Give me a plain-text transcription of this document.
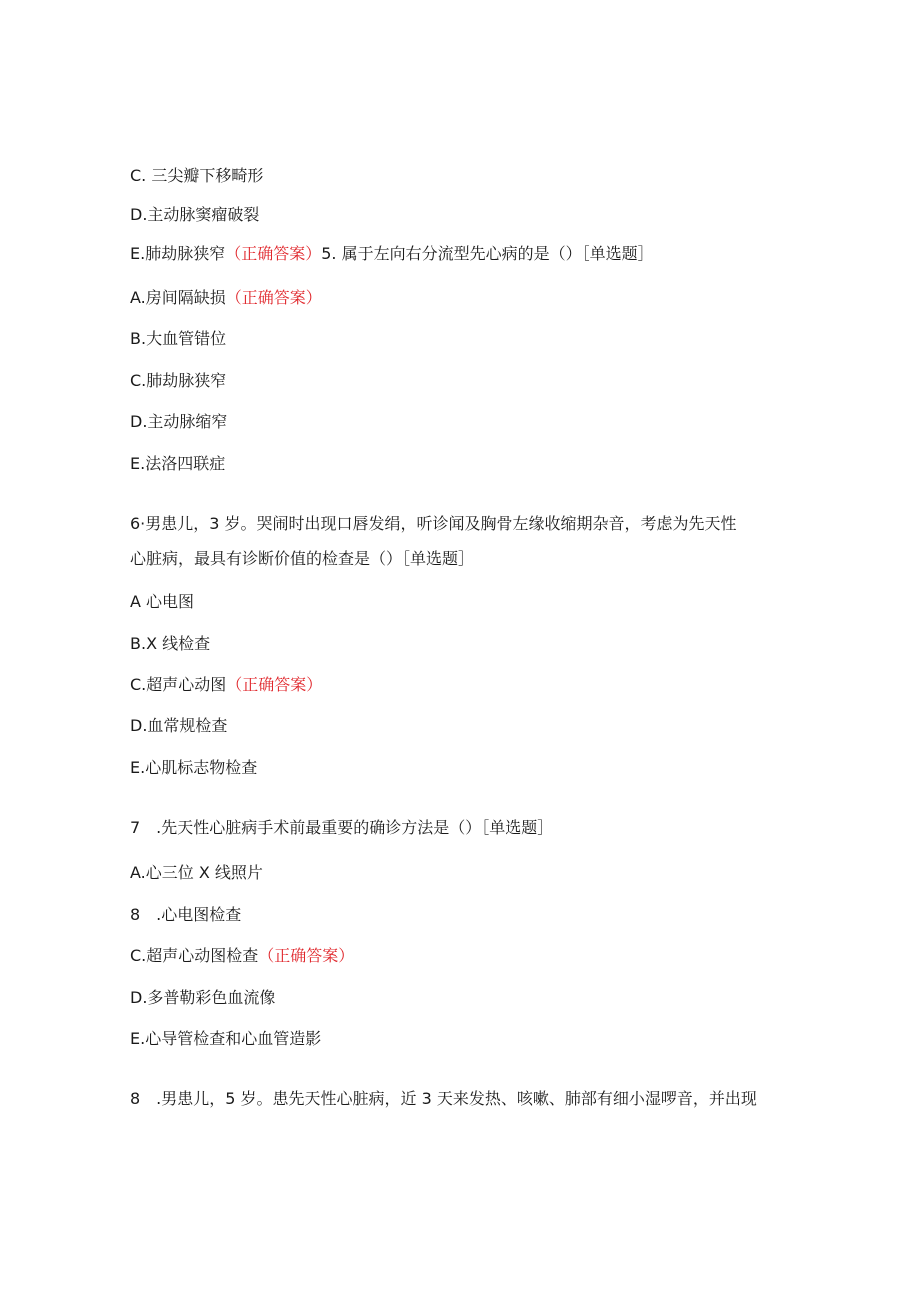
C. 三尖瓣下移畸形
D.主动脉窦瘤破裂
E.肺劫脉狭窄（正确答案）5. 属于左向右分流型先心病的是（）［单选题］
A.房间隔缺损（正确答案）
B.大血管错位
C.肺劫脉狭窄
D.主动脉缩窄
E.法洛四联症
6·男患儿，3 岁。哭闹时出现口唇发绢，听诊闻及胸骨左缘收缩期杂音，考虑为先天性
心脏病，最具有诊断价值的检查是（）［单选题］
A 心电图
B.X 线检查
C.超声心动图（正确答案）
D.血常规检查
E.心肌标志物检查
7　.先天性心脏病手术前最重要的确诊方法是（）［单选题］
A.心三位 X 线照片
8　.心电图检查
C.超声心动图检查（正确答案）
D.多普勒彩色血流像
E.心导管检查和心血管造影
8　.男患儿，5 岁。患先天性心脏病，近 3 天来发热、咳嗽、肺部有细小湿啰音，并出现
